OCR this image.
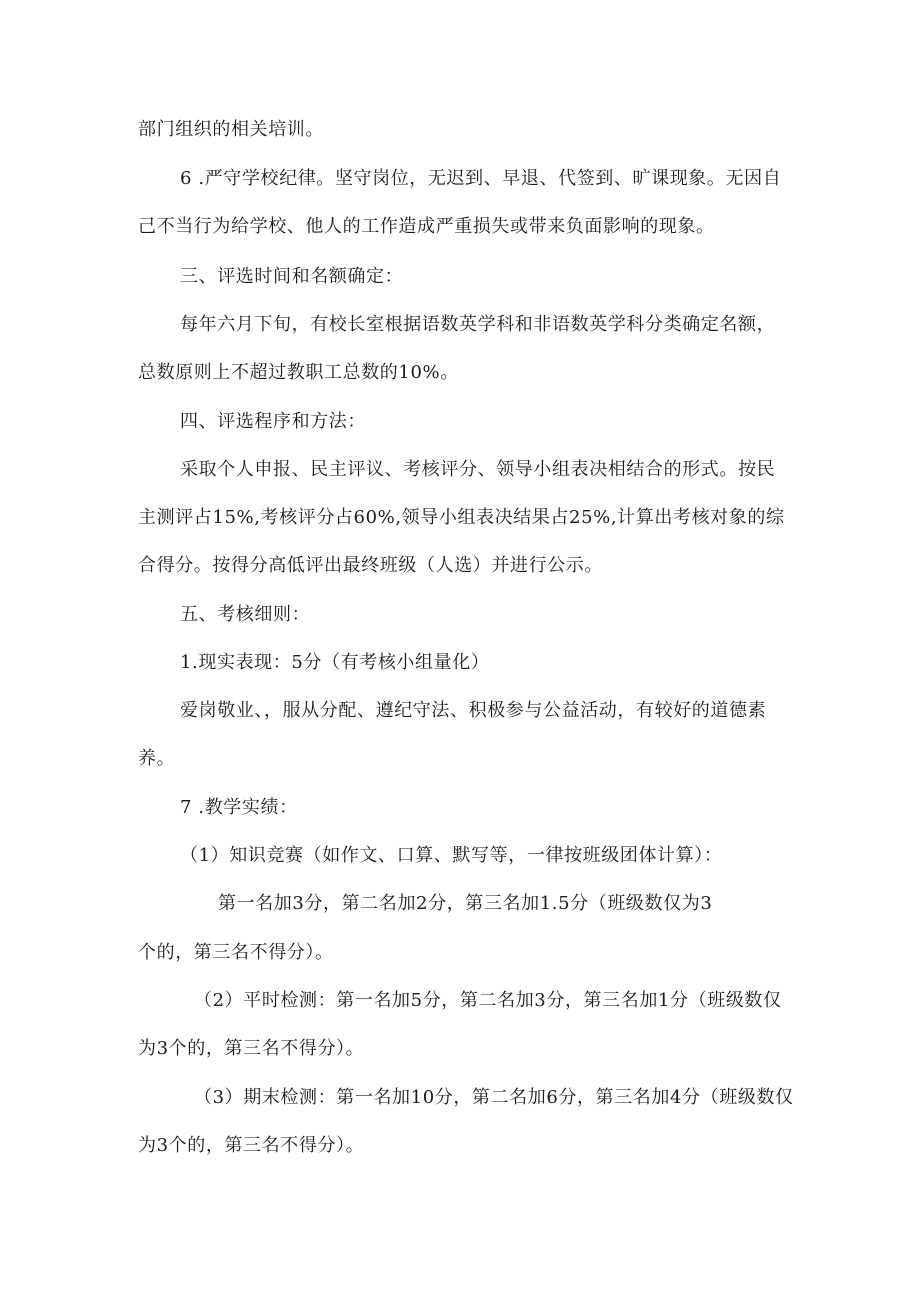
部门组织的相关培训。
6 .严守学校纪律。坚守岗位，无迟到、早退、代签到、旷课现象。无因自
己不当行为给学校、他人的工作造成严重损失或带来负面影响的现象。
三、评选时间和名额确定：
每年六月下旬，有校长室根据语数英学科和非语数英学科分类确定名额，
总数原则上不超过教职工总数的10%。
四、评选程序和方法：
采取个人申报、民主评议、考核评分、领导小组表决相结合的形式。按民
主测评占15%,考核评分占60%,领导小组表决结果占25%,计算出考核对象的综
合得分。按得分高低评出最终班级（人选）并进行公示。
五、考核细则：
1.现实表现：5分（有考核小组量化）
爱岗敬业、，服从分配、遵纪守法、积极参与公益活动，有较好的道德素
养。
7 .教学实绩：
（1）知识竞赛（如作文、口算、默写等，一律按班级团体计算）：
第一名加3分，第二名加2分，第三名加1.5分（班级数仅为3
个的，第三名不得分）。
（2）平时检测：第一名加5分，第二名加3分，第三名加1分（班级数仅
为3个的，第三名不得分）。
（3）期末检测：第一名加10分，第二名加6分，第三名加4分（班级数仅
为3个的，第三名不得分）。
